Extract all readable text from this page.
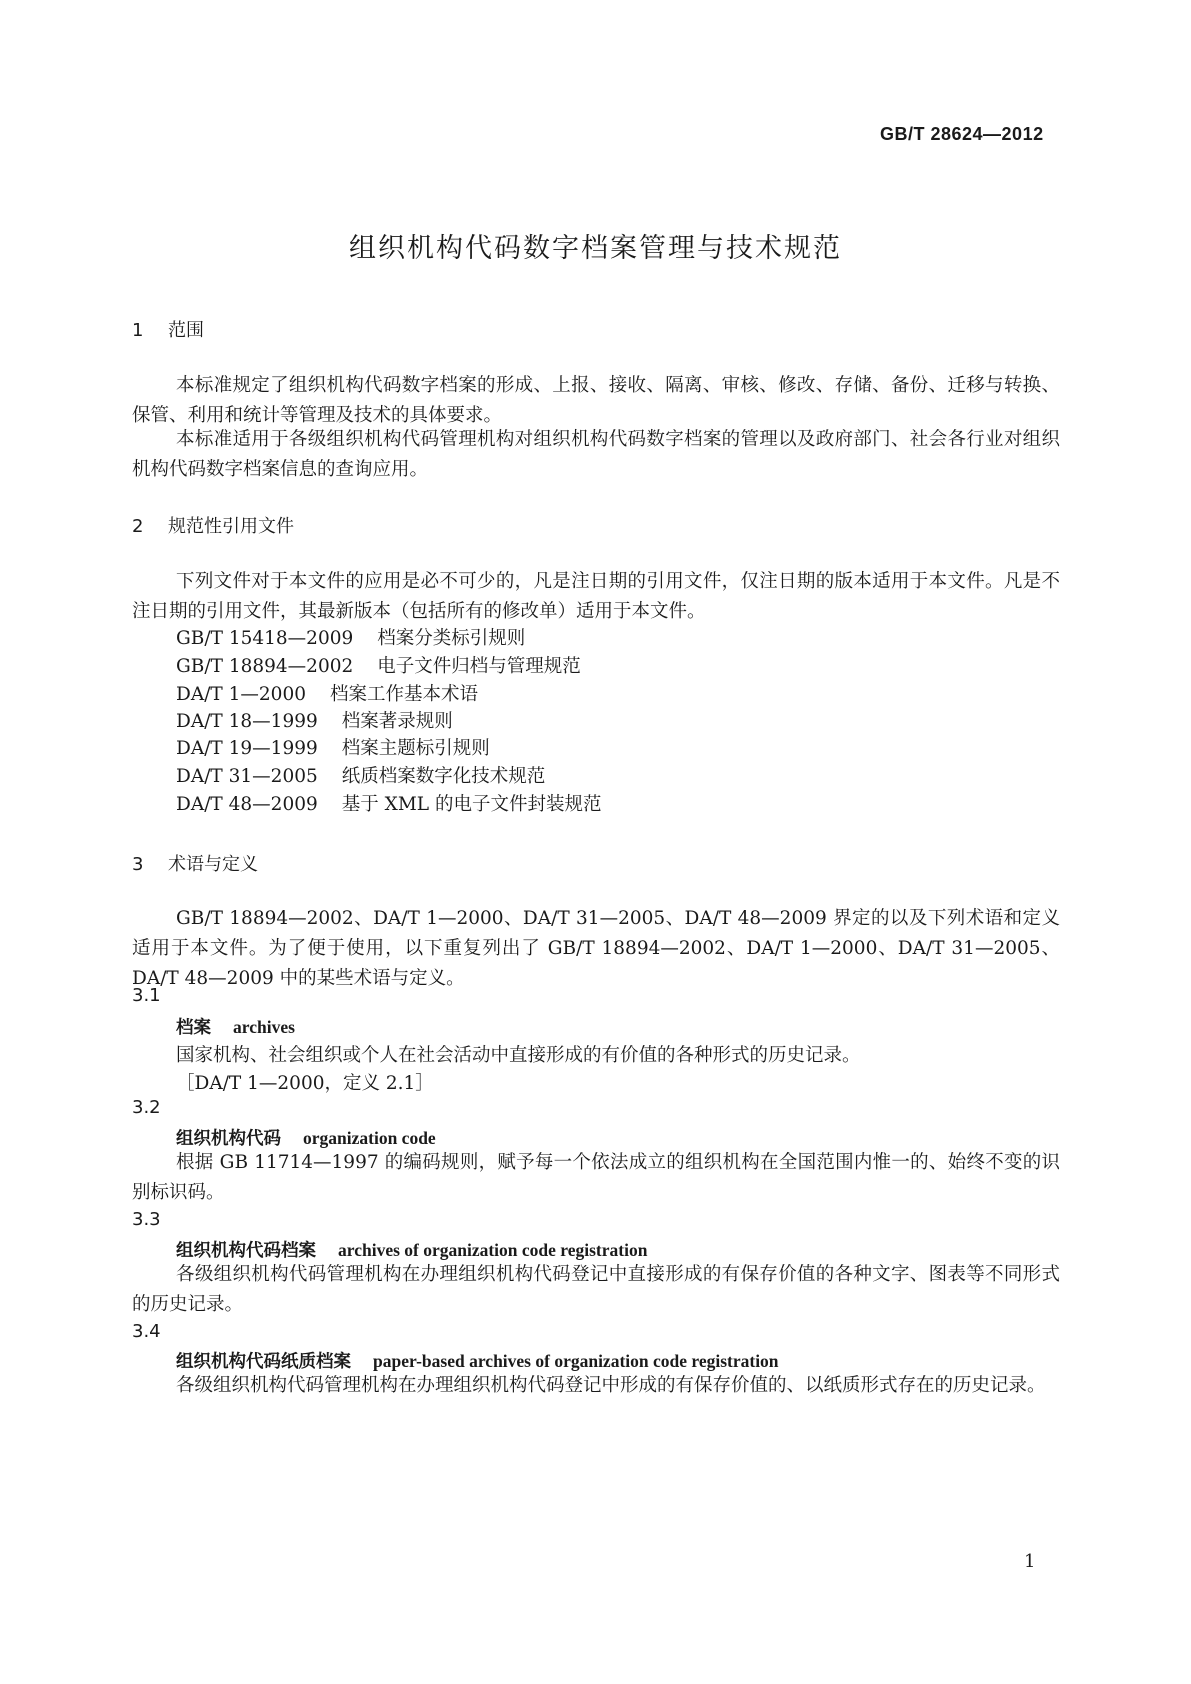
GB/T 28624—2012
组织机构代码数字档案管理与技术规范
1 范围
本标准规定了组织机构代码数字档案的形成、上报、接收、隔离、审核、修改、存储、备份、迁移与转换、保管、利用和统计等管理及技术的具体要求。
本标准适用于各级组织机构代码管理机构对组织机构代码数字档案的管理以及政府部门、社会各行业对组织机构代码数字档案信息的查询应用。
2 规范性引用文件
下列文件对于本文件的应用是必不可少的，凡是注日期的引用文件，仅注日期的版本适用于本文件。凡是不注日期的引用文件，其最新版本（包括所有的修改单）适用于本文件。
GB/T 15418—2009 档案分类标引规则
GB/T 18894—2002 电子文件归档与管理规范
DA/T 1—2000 档案工作基本术语
DA/T 18—1999 档案著录规则
DA/T 19—1999 档案主题标引规则
DA/T 31—2005 纸质档案数字化技术规范
DA/T 48—2009 基于 XML 的电子文件封装规范
3 术语与定义
GB/T 18894—2002、DA/T 1—2000、DA/T 31—2005、DA/T 48—2009 界定的以及下列术语和定义适用于本文件。为了便于使用，以下重复列出了 GB/T 18894—2002、DA/T 1—2000、DA/T 31—2005、DA/T 48—2009 中的某些术语与定义。
3.1
档案 archives
国家机构、社会组织或个人在社会活动中直接形成的有价值的各种形式的历史记录。
［DA/T 1—2000，定义 2.1］
3.2
组织机构代码 organization code
根据 GB 11714—1997 的编码规则，赋予每一个依法成立的组织机构在全国范围内惟一的、始终不变的识别标识码。
3.3
组织机构代码档案 archives of organization code registration
各级组织机构代码管理机构在办理组织机构代码登记中直接形成的有保存价值的各种文字、图表等不同形式的历史记录。
3.4
组织机构代码纸质档案 paper-based archives of organization code registration
各级组织机构代码管理机构在办理组织机构代码登记中形成的有保存价值的、以纸质形式存在的历史记录。
1
